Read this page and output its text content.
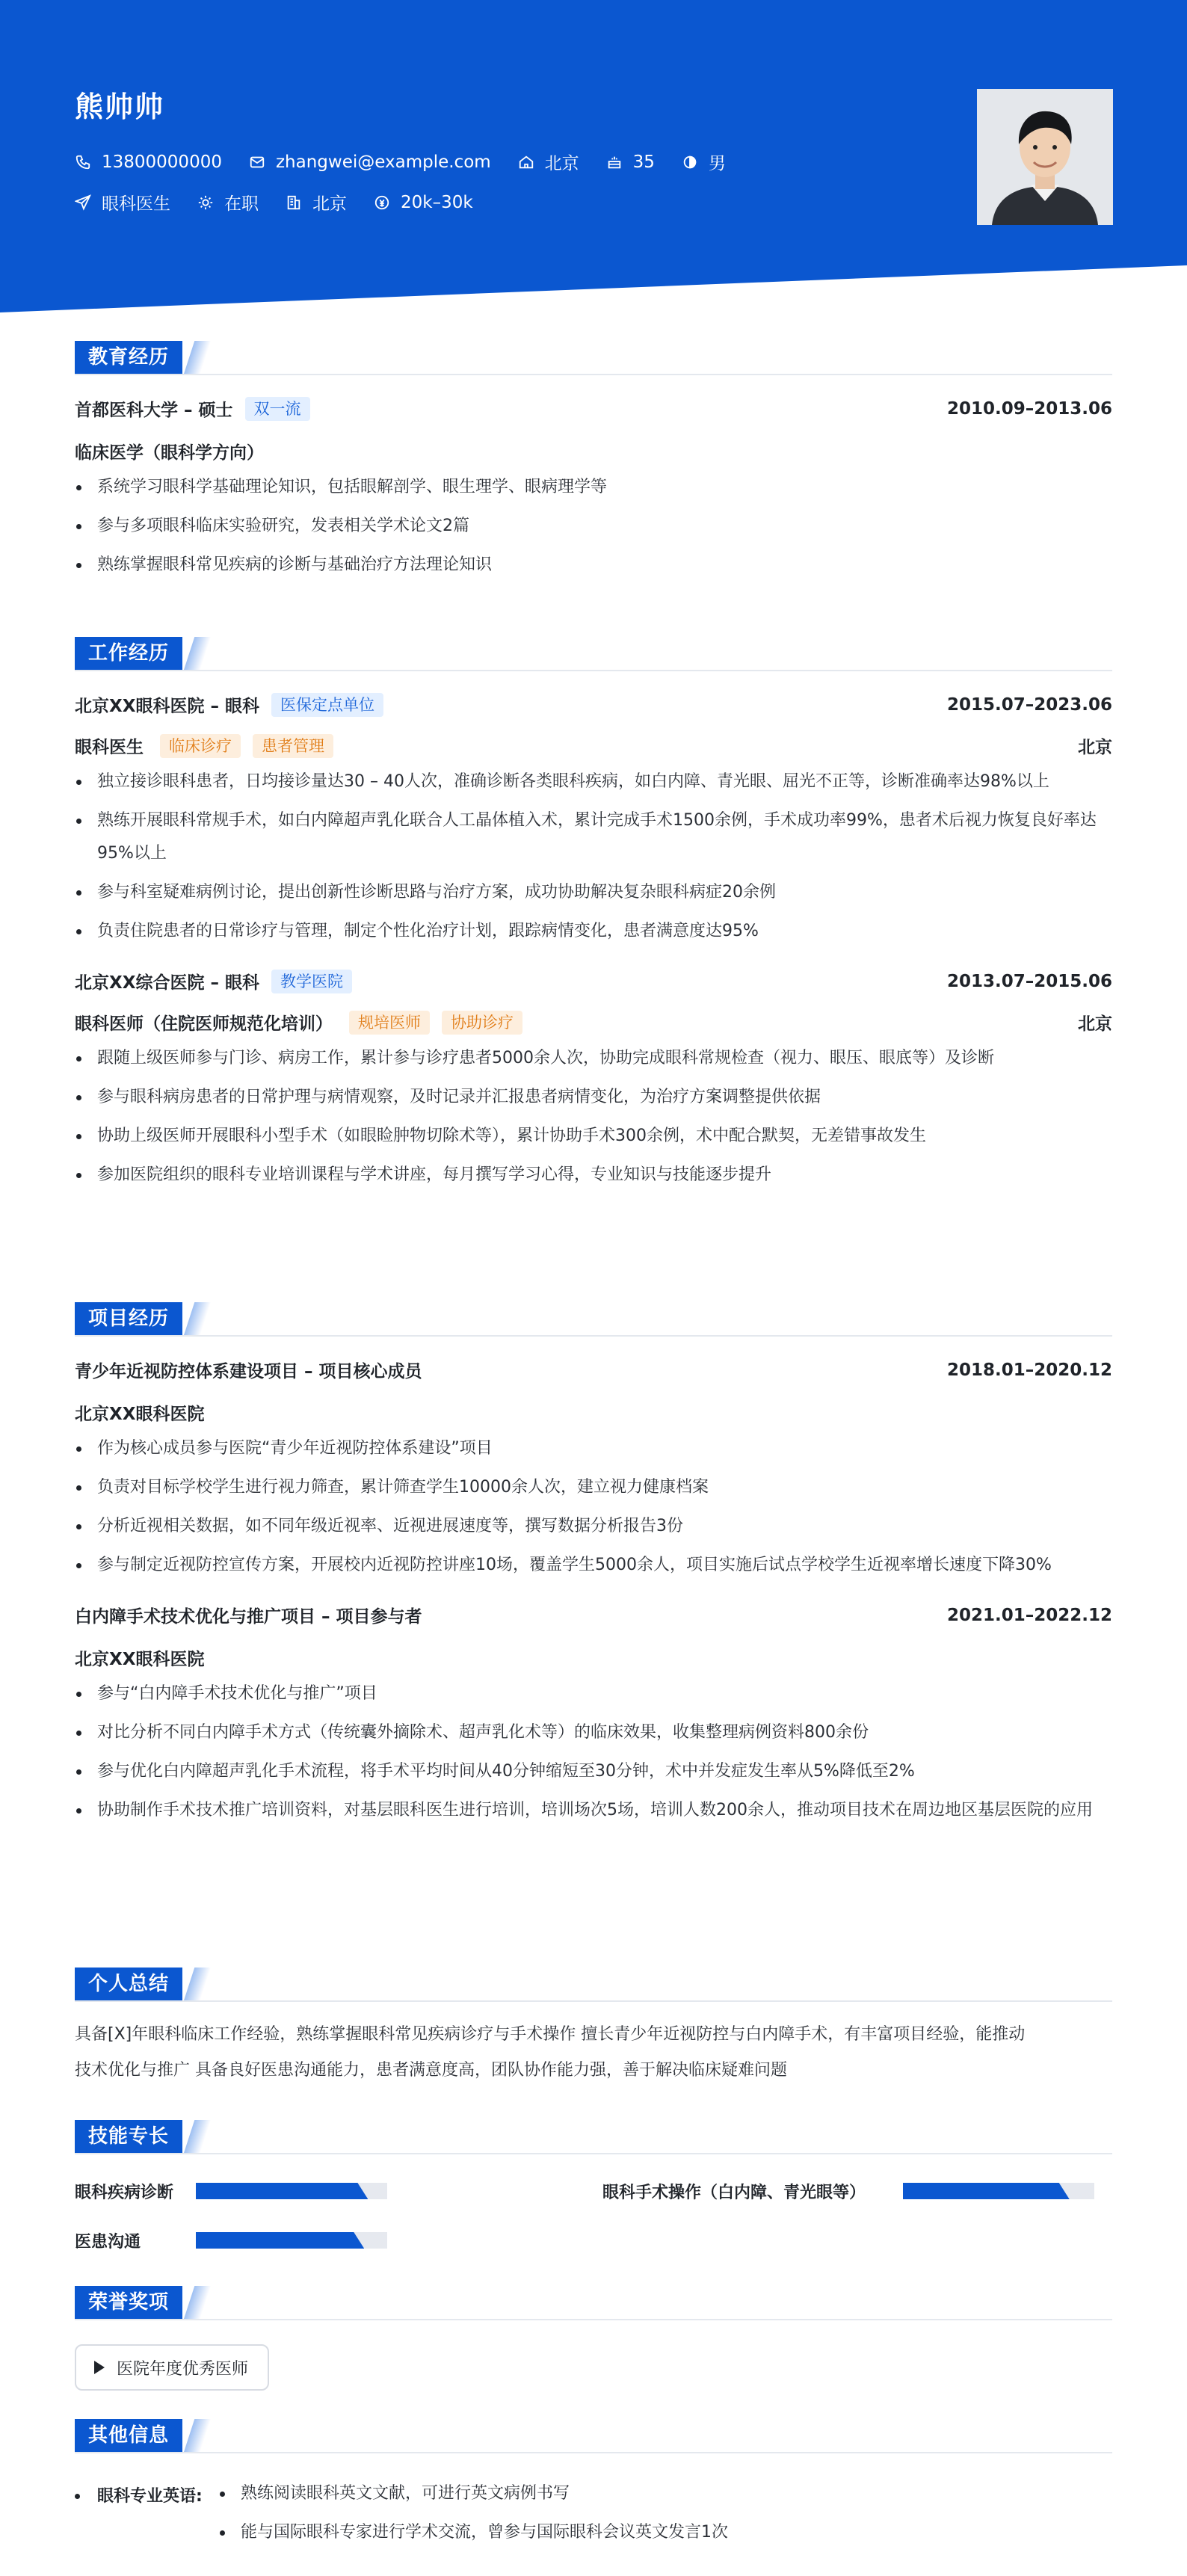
熊帅帅
13800000000	zhangwei@example.com	北京	35	男
眼科医生	在职	北京	20k–30k
教育经历
首都医科大学 – 硕士	双一流	2010.09–2013.06
临床医学（眼科学方向）
系统学习眼科学基础理论知识，包括眼解剖学、眼生理学、眼病理学等
参与多项眼科临床实验研究，发表相关学术论文2篇
熟练掌握眼科常见疾病的诊断与基础治疗方法理论知识
工作经历
北京XX眼科医院 – 眼科	医保定点单位	2015.07–2023.06
眼科医生	临床诊疗	患者管理	北京
独立接诊眼科患者，日均接诊量达30 – 40人次，准确诊断各类眼科疾病，如白内障、青光眼、屈光不正等，诊断准确率达98%以上
熟练开展眼科常规手术，如白内障超声乳化联合人工晶体植入术，累计完成手术1500余例，手术成功率99%，患者术后视力恢复良好率达95%以上
参与科室疑难病例讨论，提出创新性诊断思路与治疗方案，成功协助解决复杂眼科病症20余例
负责住院患者的日常诊疗与管理，制定个性化治疗计划，跟踪病情变化，患者满意度达95%
北京XX综合医院 – 眼科	教学医院	2013.07–2015.06
眼科医师（住院医师规范化培训）	规培医师	协助诊疗	北京
跟随上级医师参与门诊、病房工作，累计参与诊疗患者5000余人次，协助完成眼科常规检查（视力、眼压、眼底等）及诊断
参与眼科病房患者的日常护理与病情观察，及时记录并汇报患者病情变化，为治疗方案调整提供依据
协助上级医师开展眼科小型手术（如眼睑肿物切除术等），累计协助手术300余例，术中配合默契，无差错事故发生
参加医院组织的眼科专业培训课程与学术讲座，每月撰写学习心得，专业知识与技能逐步提升
项目经历
青少年近视防控体系建设项目 – 项目核心成员	2018.01–2020.12
北京XX眼科医院
作为核心成员参与医院“青少年近视防控体系建设”项目
负责对目标学校学生进行视力筛查，累计筛查学生10000余人次，建立视力健康档案
分析近视相关数据，如不同年级近视率、近视进展速度等，撰写数据分析报告3份
参与制定近视防控宣传方案，开展校内近视防控讲座10场，覆盖学生5000余人，项目实施后试点学校学生近视率增长速度下降30%
白内障手术技术优化与推广项目 – 项目参与者	2021.01–2022.12
北京XX眼科医院
参与“白内障手术技术优化与推广”项目
对比分析不同白内障手术方式（传统囊外摘除术、超声乳化术等）的临床效果，收集整理病例资料800余份
参与优化白内障超声乳化手术流程，将手术平均时间从40分钟缩短至30分钟，术中并发症发生率从5%降低至2%
协助制作手术技术推广培训资料，对基层眼科医生进行培训，培训场次5场，培训人数200余人，推动项目技术在周边地区基层医院的应用
个人总结
具备[X]年眼科临床工作经验，熟练掌握眼科常见疾病诊疗与手术操作 擅长青少年近视防控与白内障手术，有丰富项目经验，能推动
技术优化与推广 具备良好医患沟通能力，患者满意度高，团队协作能力强，善于解决临床疑难问题
技能专长
眼科疾病诊断	眼科手术操作（白内障、青光眼等）
医患沟通
荣誉奖项
医院年度优秀医师
其他信息
眼科专业英语:	熟练阅读眼科英文文献，可进行英文病例书写
能与国际眼科专家进行学术交流，曾参与国际眼科会议英文发言1次
